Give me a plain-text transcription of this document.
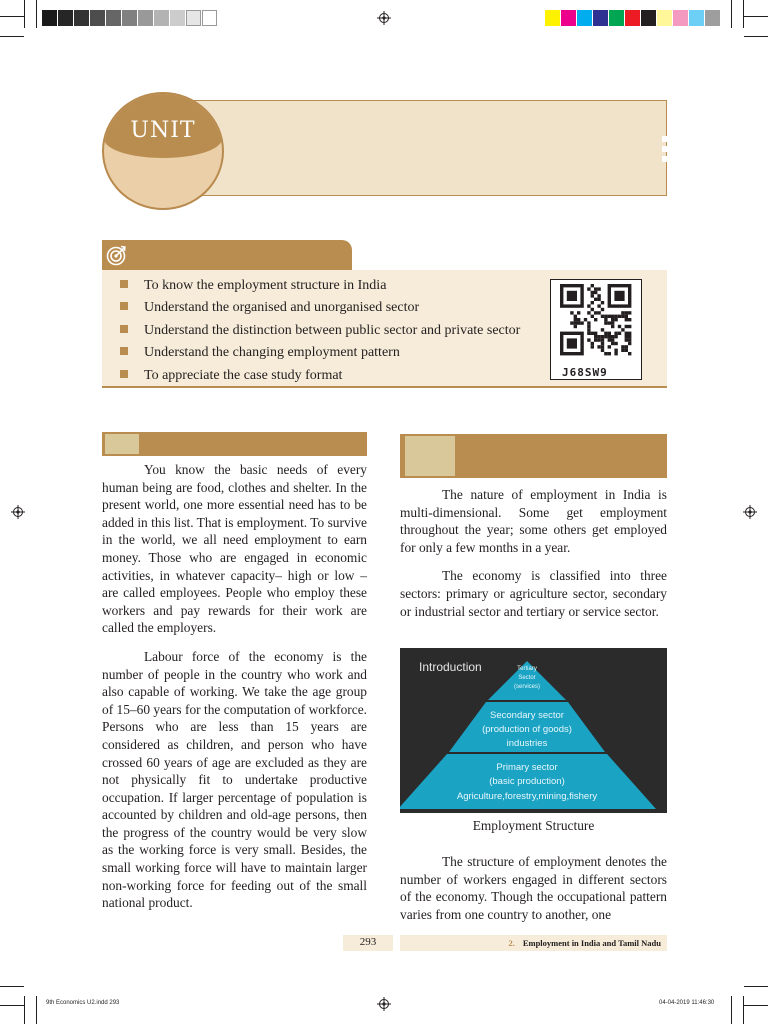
UNIT
To know the employment structure in India
Understand the organised and unorganised sector
Understand the distinction between public sector and private sector
Understand the changing employment pattern
To appreciate the case study format	J68SW9

You know the basic needs of every human being are food, clothes and shelter. In the present world, one more essential need has to be added in this list. That is employment. To survive in the world, we all need employment to earn money. Those who are engaged in economic activities, in whatever capacity– high or low – are called employees. People who employ these workers and pay rewards for their work are called the employers.

Labour force of the economy is the number of people in the country who work and also capable of working. We take the age group of 15–60 years for the computation of workforce. Persons who are less than 15 years are considered as children, and person who have crossed 60 years of age are excluded as they are not physically fit to undertake productive occupation. If larger percentage of population is accounted by children and old-age persons, then the progress of the country would be very slow as the working force is very small. Besides, the small working force will have to maintain larger non-working force for feeding out of the small national product.

The nature of employment in India is multi-dimensional. Some get employment throughout the year; some others get employed for only a few months in a year.

The economy is classified into three sectors: primary or agriculture sector, secondary or industrial sector and tertiary or service sector.

Introduction	Tertiary
Sector
(services)
Secondary sector
(production of goods)
industries
Primary sector
(basic production)
Agriculture,forestry,mining,fishery
Employment Structure

The structure of employment denotes the number of workers engaged in different sectors of the economy. Though the occupational pattern varies from one country to another, one

293	2. Employment in India and Tamil Nadu
9th Economics U2.indd 293	04-04-2019 11:46:30
